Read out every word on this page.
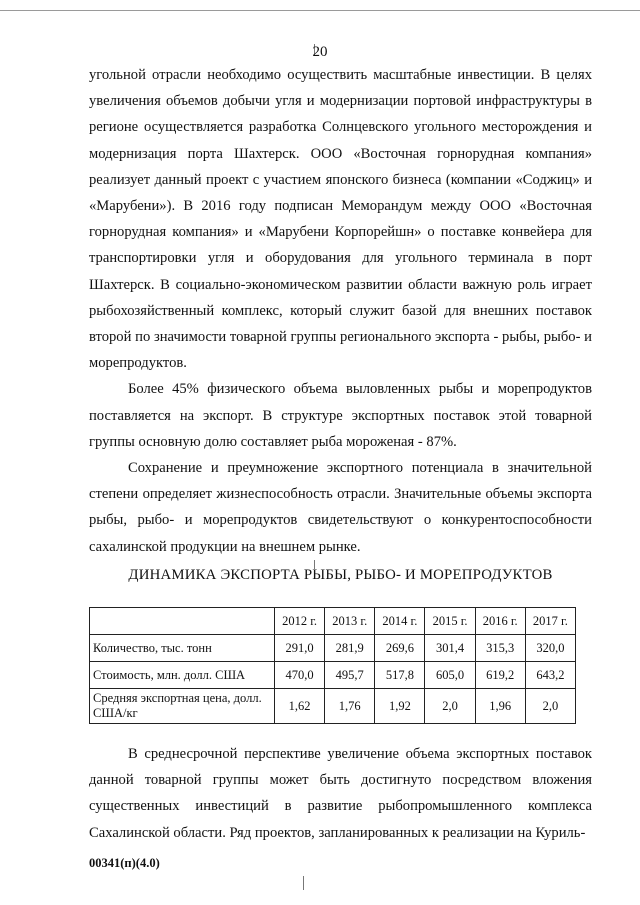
20

угольной отрасли необходимо осуществить масштабные инвестиции. В целях увеличения объемов добычи угля и модернизации портовой инфраструктуры в регионе осуществляется разработка Солнцевского угольного месторождения и модернизация порта Шахтерск. ООО «Восточная горнорудная компания» реализует данный проект с участием японского бизнеса (компании «Соджиц» и «Марубени»). В 2016 году подписан Меморандум между ООО «Восточная горнорудная компания» и «Марубени Корпорейшн» о поставке конвейера для транспортировки угля и оборудования для угольного терминала в порт Шахтерск. В социально-экономическом развитии области важную роль играет рыбохозяйственный комплекс, который служит базой для внешних поставок второй по значимости товарной группы регионального экспорта - рыбы, рыбо- и морепродуктов.

Более 45% физического объема выловленных рыбы и морепродуктов поставляется на экспорт. В структуре экспортных поставок этой товарной группы основную долю составляет рыба мороженая - 87%.

Сохранение и преумножение экспортного потенциала в значительной степени определяет жизнеспособность отрасли. Значительные объемы экспорта рыбы, рыбо- и морепродуктов свидетельствуют о конкурентоспособности сахалинской продукции на внешнем рынке.

ДИНАМИКА ЭКСПОРТА РЫБЫ, РЫБО- И МОРЕПРОДУКТОВ
	2012 г.	2013 г.	2014 г.	2015 г.	2016 г.	2017 г.
Количество, тыс. тонн	291,0	281,9	269,6	301,4	315,3	320,0
Стоимость, млн. долл. США	470,0	495,7	517,8	605,0	619,2	643,2
Средняя экспортная цена, долл. США/кг	1,62	1,76	1,92	2,0	1,96	2,0

В среднесрочной перспективе увеличение объема экспортных поставок данной товарной группы может быть достигнуто посредством вложения существенных инвестиций в развитие рыбопромышленного комплекса Сахалинской области. Ряд проектов, запланированных к реализации на Куриль-

00341(п)(4.0)
